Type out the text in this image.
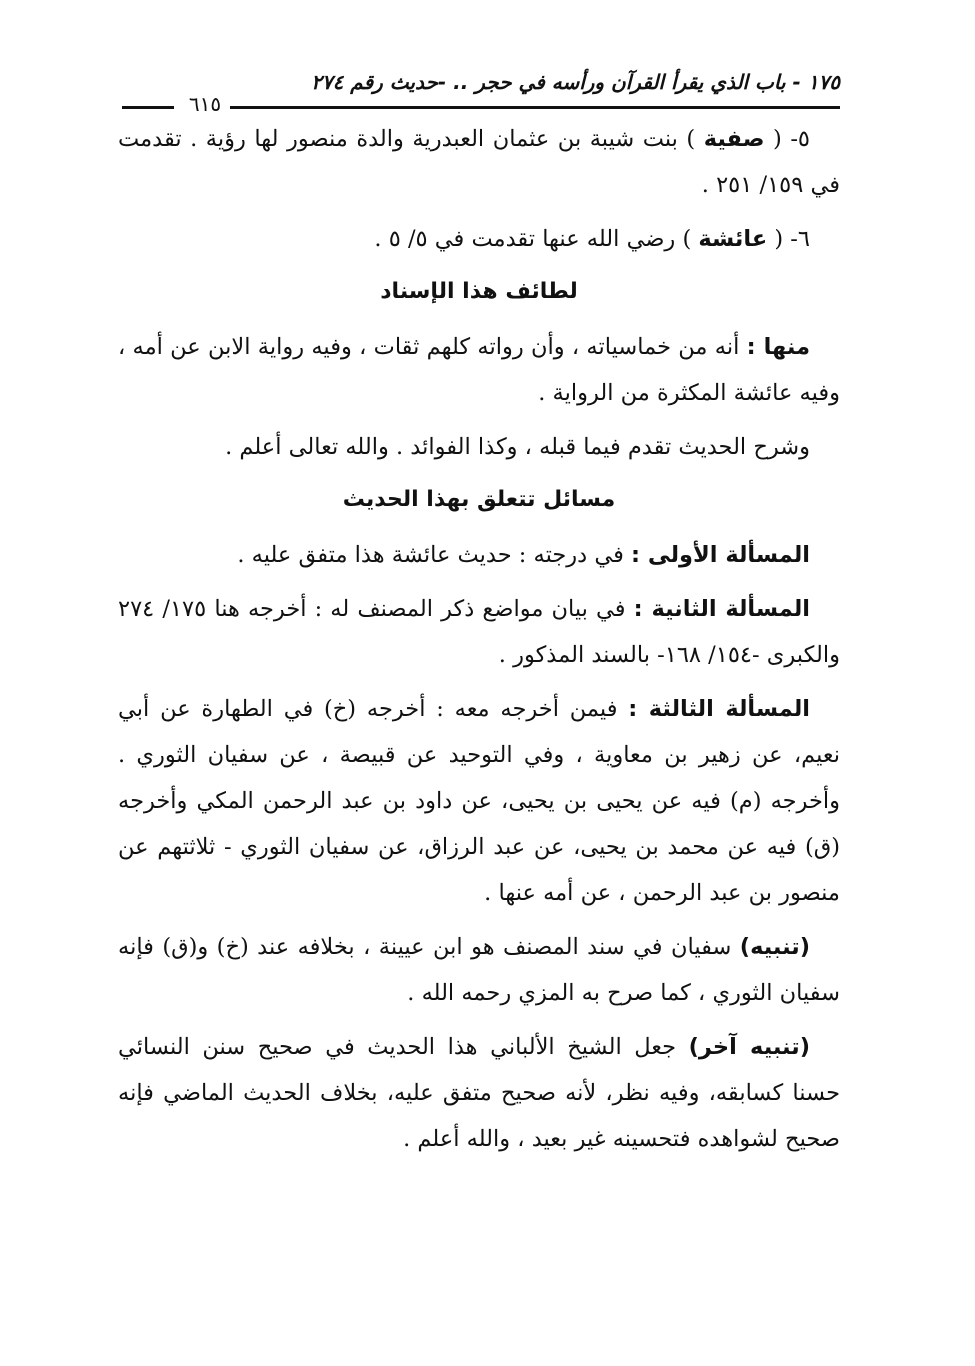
١٧٥ - باب الذي يقرأ القرآن ورأسه في حجر .. -حديث رقم ٢٧٤
٦١٥

٥- ( صفية ) بنت شيبة بن عثمان العبدرية والدة منصور لها رؤية . تقدمت في ١٥٩/ ٢٥١ .

٦- ( عائشة ) رضي الله عنها تقدمت في ٥/ ٥ .

لطائف هذا الإسناد

منها : أنه من خماسياته ، وأن رواته كلهم ثقات ، وفيه رواية الابن عن أمه ، وفيه عائشة المكثرة من الرواية .

وشرح الحديث تقدم فيما قبله ، وكذا الفوائد . والله تعالى أعلم .

مسائل تتعلق بهذا الحديث

المسألة الأولى : في درجته : حديث عائشة هذا متفق عليه .

المسألة الثانية : في بيان مواضع ذكر المصنف له : أخرجه هنا ١٧٥/ ٢٧٤ والكبرى -١٥٤/ ١٦٨- بالسند المذكور .

المسألة الثالثة : فيمن أخرجه معه : أخرجه (خ) في الطهارة عن أبي نعيم، عن زهير بن معاوية ، وفي التوحيد عن قبيصة ، عن سفيان الثوري . وأخرجه (م) فيه عن يحيى بن يحيى، عن داود بن عبد الرحمن المكي وأخرجه (ق) فيه عن محمد بن يحيى، عن عبد الرزاق، عن سفيان الثوري - ثلاثتهم عن منصور بن عبد الرحمن ، عن أمه عنها .

(تنبيه) سفيان في سند المصنف هو ابن عيينة ، بخلافه عند (خ) و(ق) فإنه سفيان الثوري ، كما صرح به المزي رحمه الله .

(تنبيه آخر) جعل الشيخ الألباني هذا الحديث في صحيح سنن النسائي حسنا كسابقه، وفيه نظر، لأنه صحيح متفق عليه، بخلاف الحديث الماضي فإنه صحيح لشواهده فتحسينه غير بعيد ، والله أعلم .
